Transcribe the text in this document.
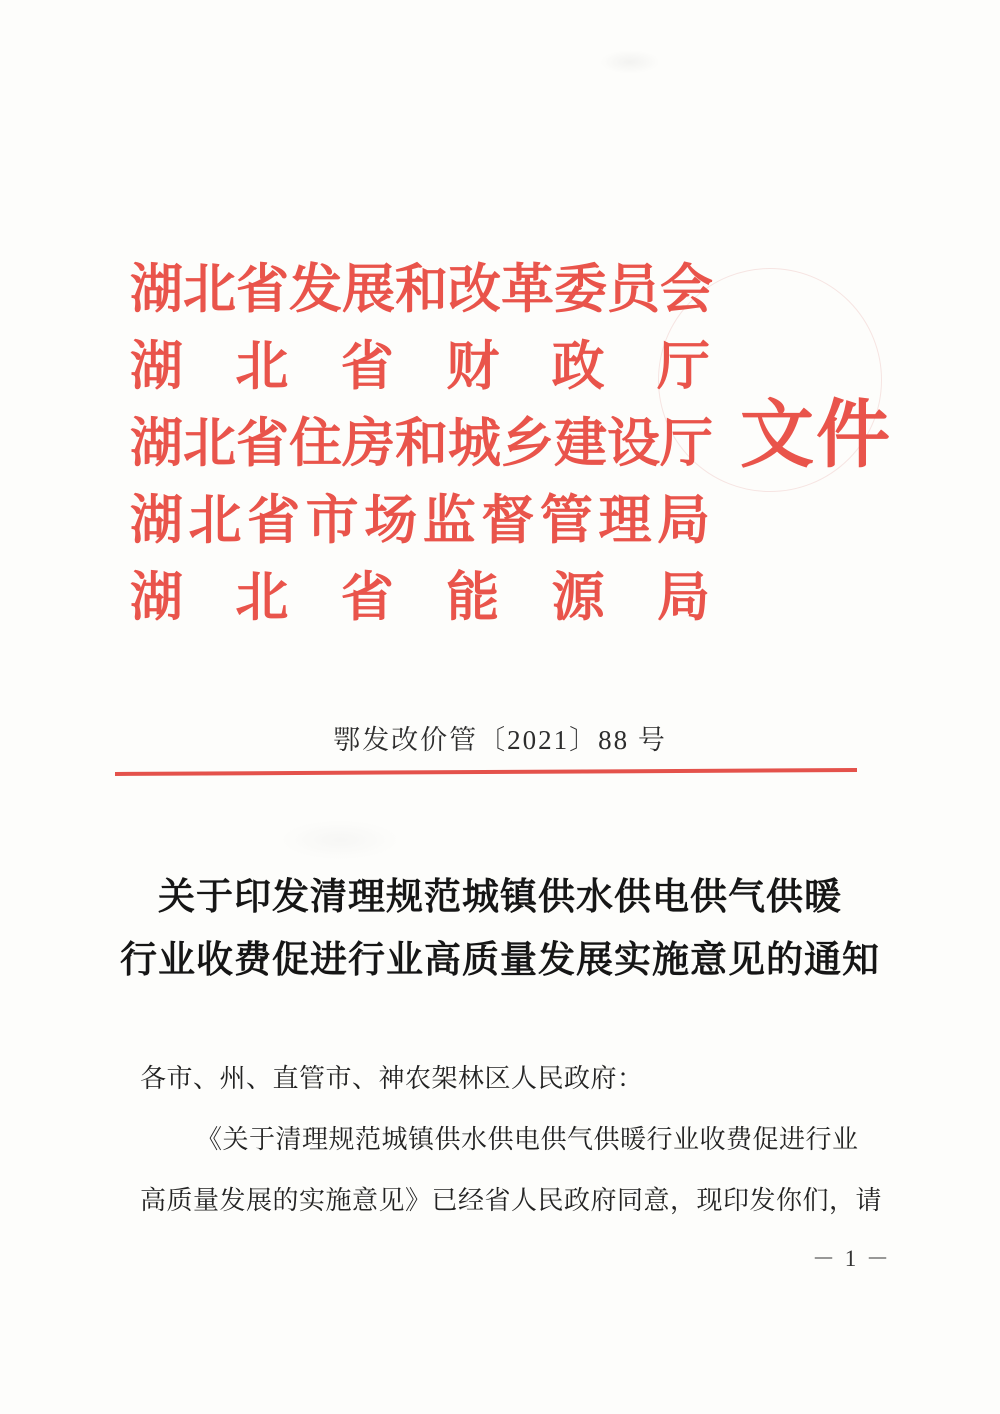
湖北省发展和改革委员会
湖北省财政厅
湖北省住房和城乡建设厅
湖北省市场监督管理局
湖北省能源局
文件
鄂发改价管〔2021〕88 号
关于印发清理规范城镇供水供电供气供暖
行业收费促进行业高质量发展实施意见的通知
各市、州、直管市、神农架林区人民政府：
《关于清理规范城镇供水供电供气供暖行业收费促进行业
高质量发展的实施意见》已经省人民政府同意，现印发你们，请
－ 1 －
